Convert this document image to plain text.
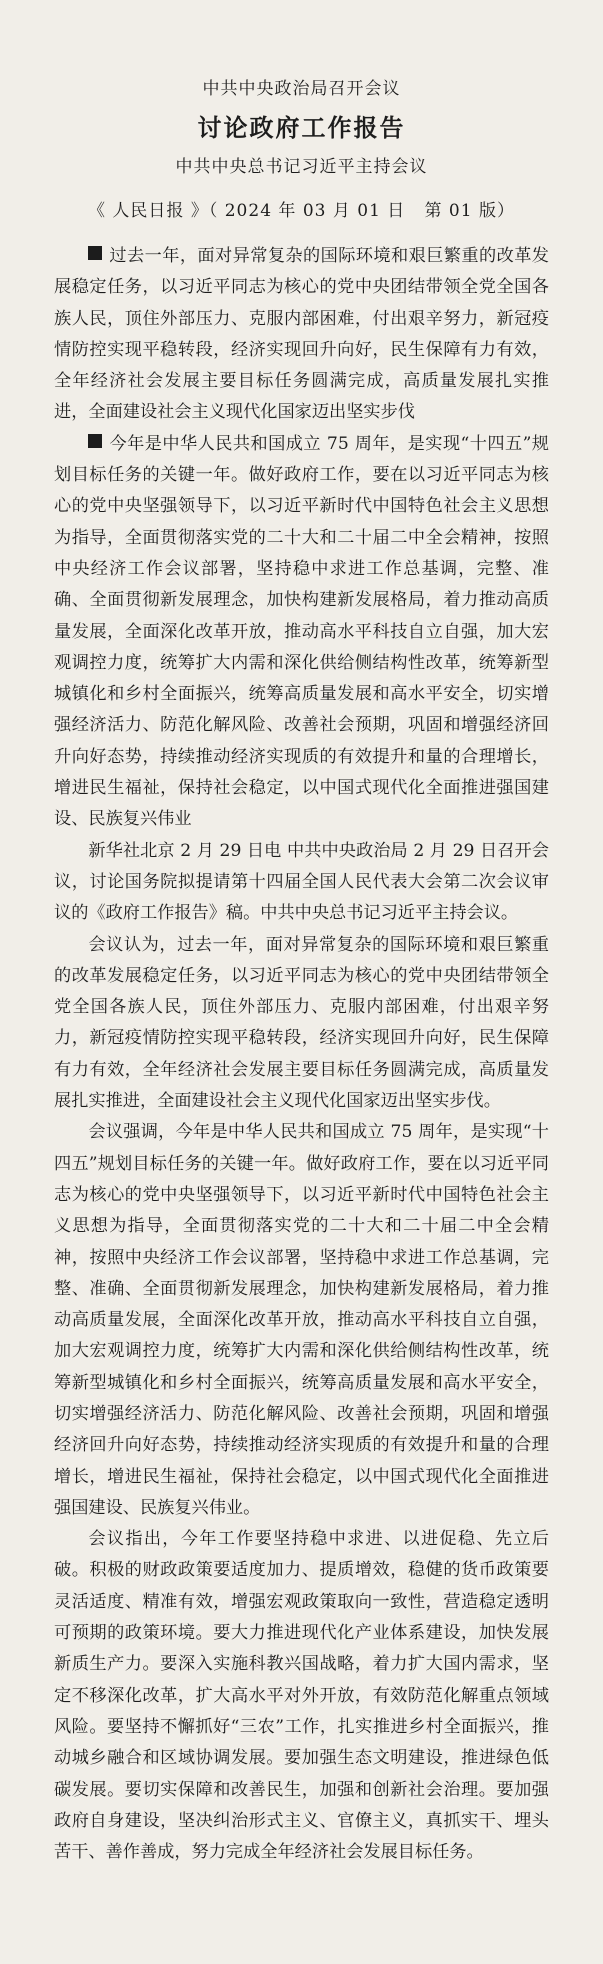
中共中央政治局召开会议
讨论政府工作报告
中共中央总书记习近平主持会议
《 人民日报 》（ 2024 年 03 月 01 日   第 01 版）

过去一年，面对异常复杂的国际环境和艰巨繁重的改革发展稳定任务，以习近平同志为核心的党中央团结带领全党全国各族人民，顶住外部压力、克服内部困难，付出艰辛努力，新冠疫情防控实现平稳转段，经济实现回升向好，民生保障有力有效，全年经济社会发展主要目标任务圆满完成，高质量发展扎实推进，全面建设社会主义现代化国家迈出坚实步伐

今年是中华人民共和国成立 75 周年，是实现“十四五”规划目标任务的关键一年。做好政府工作，要在以习近平同志为核心的党中央坚强领导下，以习近平新时代中国特色社会主义思想为指导，全面贯彻落实党的二十大和二十届二中全会精神，按照中央经济工作会议部署，坚持稳中求进工作总基调，完整、准确、全面贯彻新发展理念，加快构建新发展格局，着力推动高质量发展，全面深化改革开放，推动高水平科技自立自强，加大宏观调控力度，统筹扩大内需和深化供给侧结构性改革，统筹新型城镇化和乡村全面振兴，统筹高质量发展和高水平安全，切实增强经济活力、防范化解风险、改善社会预期，巩固和增强经济回升向好态势，持续推动经济实现质的有效提升和量的合理增长，增进民生福祉，保持社会稳定，以中国式现代化全面推进强国建设、民族复兴伟业

新华社北京 2 月 29 日电 中共中央政治局 2 月 29 日召开会议，讨论国务院拟提请第十四届全国人民代表大会第二次会议审议的《政府工作报告》稿。中共中央总书记习近平主持会议。

会议认为，过去一年，面对异常复杂的国际环境和艰巨繁重的改革发展稳定任务，以习近平同志为核心的党中央团结带领全党全国各族人民，顶住外部压力、克服内部困难，付出艰辛努力，新冠疫情防控实现平稳转段，经济实现回升向好，民生保障有力有效，全年经济社会发展主要目标任务圆满完成，高质量发展扎实推进，全面建设社会主义现代化国家迈出坚实步伐。

会议强调，今年是中华人民共和国成立 75 周年，是实现“十四五”规划目标任务的关键一年。做好政府工作，要在以习近平同志为核心的党中央坚强领导下，以习近平新时代中国特色社会主义思想为指导，全面贯彻落实党的二十大和二十届二中全会精神，按照中央经济工作会议部署，坚持稳中求进工作总基调，完整、准确、全面贯彻新发展理念，加快构建新发展格局，着力推动高质量发展，全面深化改革开放，推动高水平科技自立自强，加大宏观调控力度，统筹扩大内需和深化供给侧结构性改革，统筹新型城镇化和乡村全面振兴，统筹高质量发展和高水平安全，切实增强经济活力、防范化解风险、改善社会预期，巩固和增强经济回升向好态势，持续推动经济实现质的有效提升和量的合理增长，增进民生福祉，保持社会稳定，以中国式现代化全面推进强国建设、民族复兴伟业。

会议指出，今年工作要坚持稳中求进、以进促稳、先立后破。积极的财政政策要适度加力、提质增效，稳健的货币政策要灵活适度、精准有效，增强宏观政策取向一致性，营造稳定透明可预期的政策环境。要大力推进现代化产业体系建设，加快发展新质生产力。要深入实施科教兴国战略，着力扩大国内需求，坚定不移深化改革，扩大高水平对外开放，有效防范化解重点领域风险。要坚持不懈抓好“三农”工作，扎实推进乡村全面振兴，推动城乡融合和区域协调发展。要加强生态文明建设，推进绿色低碳发展。要切实保障和改善民生，加强和创新社会治理。要加强政府自身建设，坚决纠治形式主义、官僚主义，真抓实干、埋头苦干、善作善成，努力完成全年经济社会发展目标任务。
